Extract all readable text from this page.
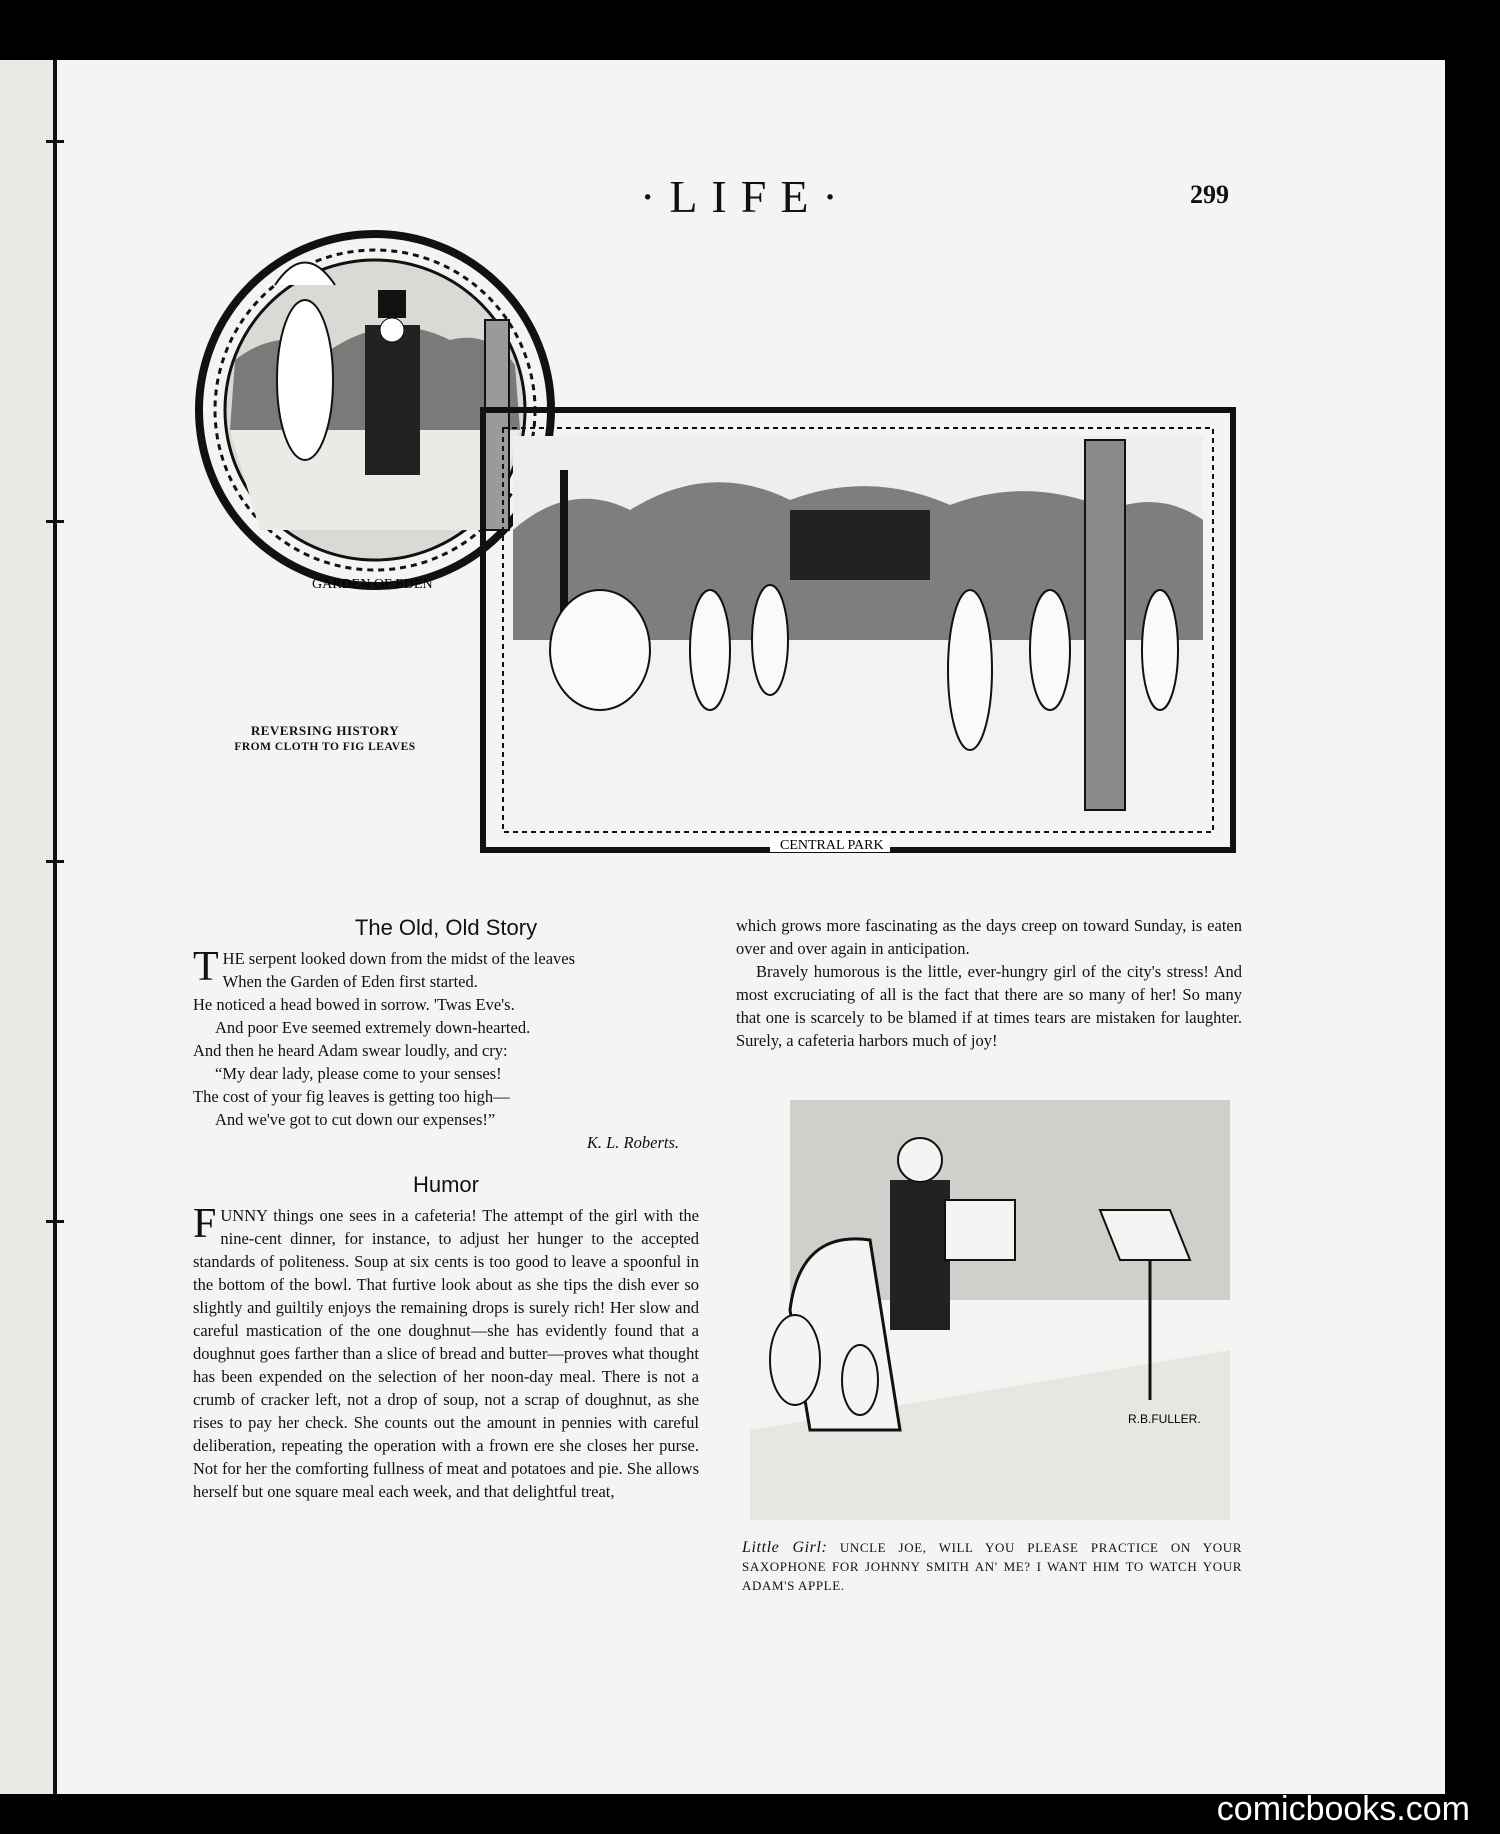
·LIFE·	299
GARDEN OF EDEN
CENTRAL PARK
REVERSING HISTORY
FROM CLOTH TO FIG LEAVES
The Old, Old Story
T HE serpent looked down from the midst of the leaves

When the Garden of Eden first started.

He noticed a head bowed in sorrow. 'Twas Eve's.

And poor Eve seemed extremely down-hearted.

And then he heard Adam swear loudly, and cry:

“My dear lady, please come to your senses!

The cost of your fig leaves is getting too high—

And we've got to cut down our expenses!”

K. L. Roberts.

Humor
FUNNY things one sees in a cafeteria! The attempt of the girl with the nine-cent dinner, for instance, to adjust her hunger to the accepted standards of politeness. Soup at six cents is too good to leave a spoonful in the bottom of the bowl. That furtive look about as she tips the dish ever so slightly and guiltily enjoys the remaining drops is surely rich! Her slow and careful mastication of the one doughnut—she has evidently found that a doughnut goes farther than a slice of bread and butter—proves what thought has been expended on the selection of her noon-day meal. There is not a crumb of cracker left, not a drop of soup, not a scrap of doughnut, as she rises to pay her check. She counts out the amount in pennies with careful deliberation, repeating the operation with a frown ere she closes her purse. Not for her the comforting fullness of meat and potatoes and pie. She allows herself but one square meal each week, and that delightful treat,
which grows more fascinating as the days creep on toward Sunday, is eaten over and over again in anticipation.
Bravely humorous is the little, ever-hungry girl of the city's stress! And most excruciating of all is the fact that there are so many of her! So many that one is scarcely to be blamed if at times tears are mistaken for laughter. Surely, a cafeteria harbors much of joy!
R.B.FULLER.
Little Girl: UNCLE JOE, WILL YOU PLEASE PRACTICE ON YOUR SAXOPHONE FOR JOHNNY SMITH AN' ME? I WANT HIM TO WATCH YOUR ADAM'S APPLE.
comicbooks.com
